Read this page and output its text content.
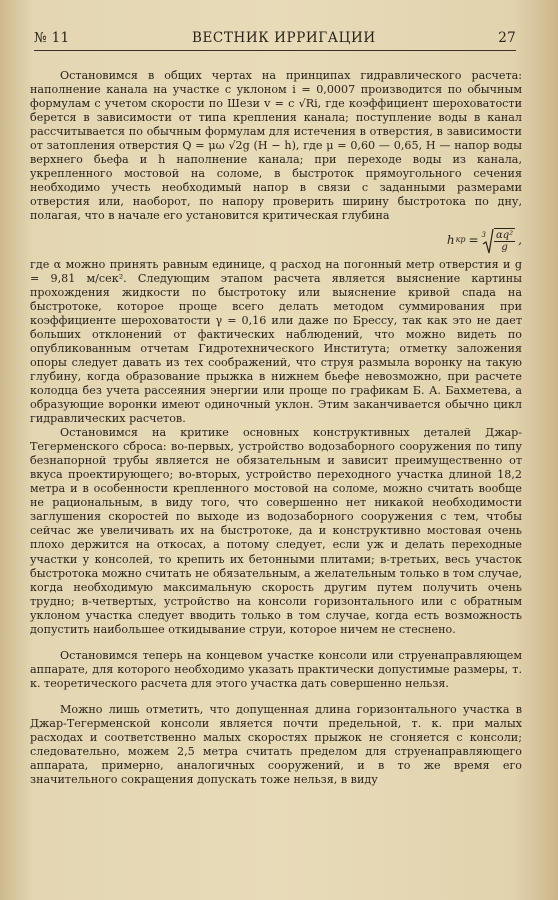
№ 11	ВЕСТНИК ИРРИГАЦИИ	27

Остановимся в общих чертах на принципах гидравлического расчета: наполнение канала на участке с уклоном i = 0,0007 производится по обычным формулам с учетом скорости по Шези v = c √Ri, где коэффициент шероховатости берется в зависимости от типа крепления канала; поступление воды в канал рассчитывается по обычным формулам для истечения в отверстия, в зависимости от затопления отверстия Q = μω √2g (H − h), где μ = 0,60 — 0,65, H — напор воды верхнего бьефа и h наполнение канала; при переходе воды из канала, укрепленного мостовой на соломе, в быстроток прямоугольного сечения необходимо учесть необходимый напор в связи с заданными размерами отверстия или, наоборот, по напору проверить ширину быстротока по дну, полагая, что в начале его установится критическая глубина

h кр = $3 \frac{\text{αq²}}{g}$ ,

где α можно принять равным единице, q расход на погонный метр отверстия и g = 9,81 м/сек². Следующим этапом расчета является выяснение картины прохождения жидкости по быстротоку или выяснение кривой спада на быстротоке, которое проще всего делать методом суммирования при коэффициенте шероховатости γ = 0,16 или даже по Брессу, так как это не дает больших отклонений от фактических наблюдений, что можно видеть по опубликованным отчетам Гидротехнического Института; отметку заложения опоры следует давать из тех соображений, что струя размыла воронку на такую глубину, когда образование прыжка в нижнем бьефе невозможно, при расчете колодца без учета рассеяния энергии или проще по графикам Б. А. Бахметева, а образующие воронки имеют одиночный уклон. Этим заканчивается обычно цикл гидравлических расчетов.

Остановимся на критике основных конструктивных деталей Джар-Тегерменского сброса: во-первых, устройство водозаборного сооружения по типу безнапорной трубы является не обязательным и зависит преимущественно от вкуса проектирующего; во-вторых, устройство переходного участка длиной 18,2 метра и в особенности крепленного мостовой на соломе, можно считать вообще не рациональным, в виду того, что совершенно нет никакой необходимости заглушения скоростей по выходе из водозаборного сооружения с тем, чтобы сейчас же увеличивать их на быстротоке, да и конструктивно мостовая очень плохо держится на откосах, а потому следует, если уж и делать переходные участки у консолей, то крепить их бетонными плитами; в-третьих, весь участок быстротока можно считать не обязательным, а желательным только в том случае, когда необходимую максимальную скорость другим путем получить очень трудно; в-четвертых, устройство на консоли горизонтального или с обратным уклоном участка следует вводить только в том случае, когда есть возможность допустить наибольшее откидывание струи, которое ничем не стеснено.

Остановимся теперь на концевом участке консоли или струенаправляющем аппарате, для которого необходимо указать практически допустимые размеры, т. к. теоретического расчета для этого участка дать совершенно нельзя.

Можно лишь отметить, что допущенная длина горизонтального участка в Джар-Тегерменской консоли является почти предельной, т. к. при малых расходах и соответственно малых скоростях прыжок не сгоняется с консоли; следовательно, можем 2,5 метра считать пределом для струенаправляющего аппарата, примерно, аналогичных сооружений, и в то же время его значительного сокращения допускать тоже нельзя, в виду
